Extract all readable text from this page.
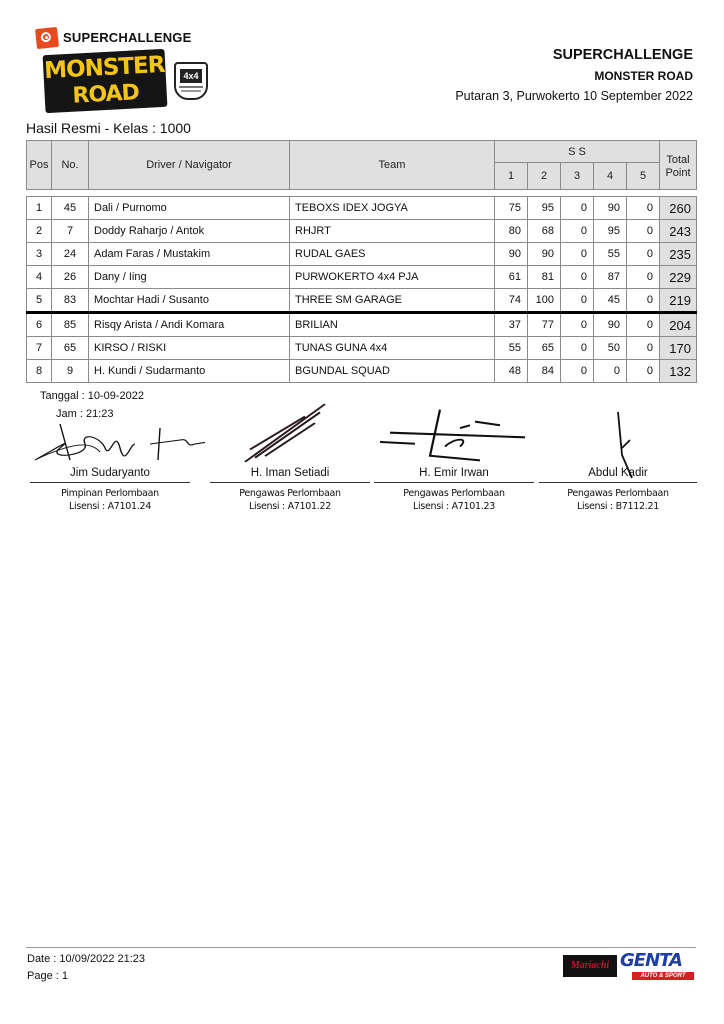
SUPERCHALLENGE
MONSTER
ROAD
4x4
SUPERCHALLENGE
MONSTER ROAD
Putaran 3, Purwokerto 10 September 2022
Hasil Resmi - Kelas : 1000
Pos	No.	Driver / Navigator	Team	S S					Total
Point
				1	2	3	4	5	
1	45	Dali / Purnomo	TEBOXS IDEX JOGYA	75	95	0	90	0	260
2	7	Doddy Raharjo / Antok	RHJRT	80	68	0	95	0	243
3	24	Adam Faras / Mustakim	RUDAL GAES	90	90	0	55	0	235
4	26	Dany / Iing	PURWOKERTO 4x4 PJA	61	81	0	87	0	229
5	83	Mochtar Hadi / Susanto	THREE SM GARAGE	74	100	0	45	0	219
6	85	Risqy Arista / Andi Komara	BRILIAN	37	77	0	90	0	204
7	65	KIRSO / RISKI	TUNAS GUNA 4x4	55	65	0	50	0	170
8	9	H. Kundi / Sudarmanto	BGUNDAL SQUAD	48	84	0	0	0	132
Tanggal : 10-09-2022
Jam : 21:23
Jim Sudaryanto
Pimpinan Perlombaan
Lisensi : A7101.24
H. Iman Setiadi
Pengawas Perlombaan
Lisensi : A7101.22
H. Emir Irwan
Pengawas Perlombaan
Lisensi : A7101.23
Abdul Kadir
Pengawas Perlombaan
Lisensi : B7112.21
Date : 10/09/2022 21:23
Page : 1
Mariachi GENTA
AUTO & SPORT
